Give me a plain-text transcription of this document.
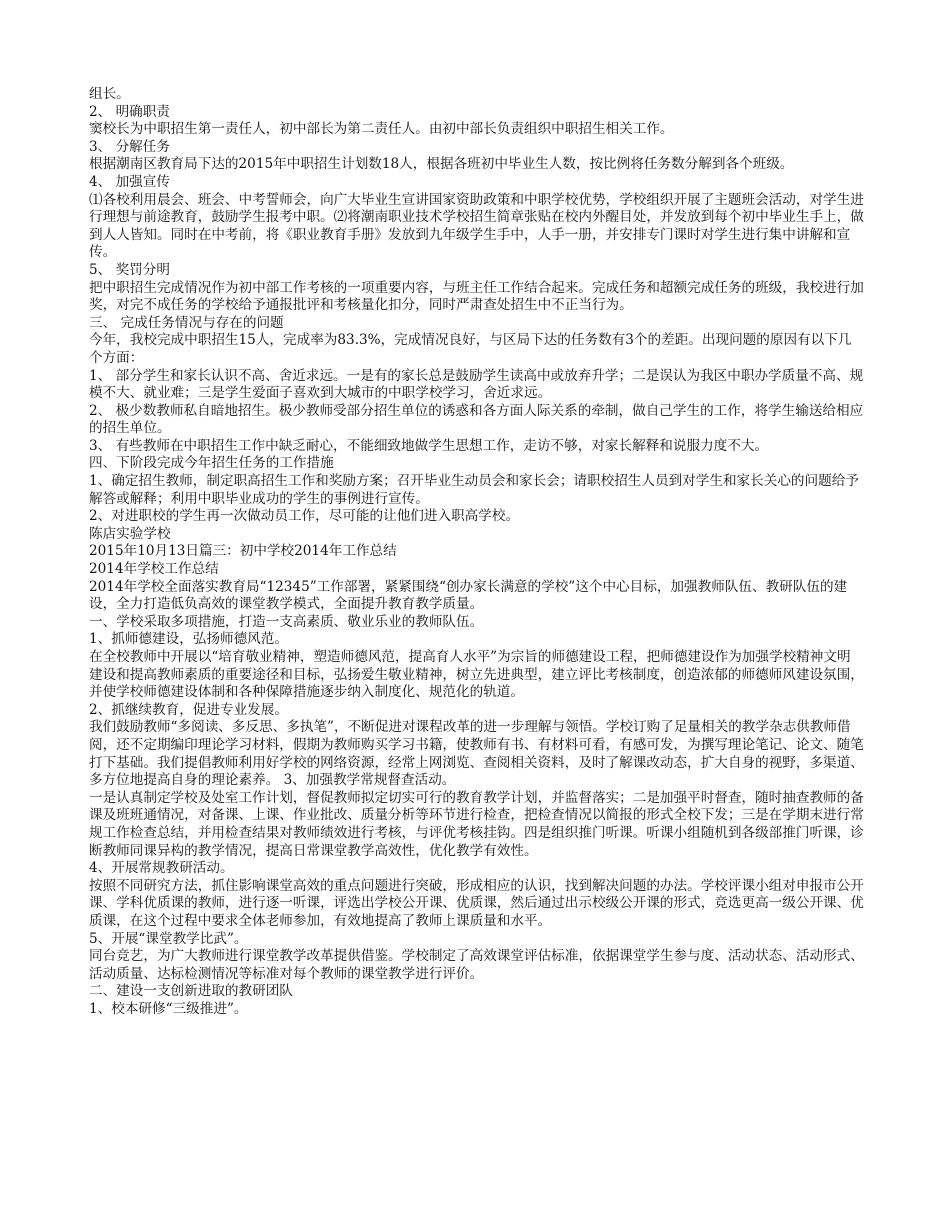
组长。

2、 明确职责

窦校长为中职招生第一责任人，初中部长为第二责任人。由初中部长负责组织中职招生相关工作。

3、 分解任务

根据潮南区教育局下达的2015年中职招生计划数18人，根据各班初中毕业生人数，按比例将任务数分解到各个班级。

4、 加强宣传

⑴各校利用晨会、班会、中考誓师会，向广大毕业生宣讲国家资助政策和中职学校优势，学校组织开展了主题班会活动，对学生进行理想与前途教育，鼓励学生报考中职。⑵将潮南职业技术学校招生简章张贴在校内外醒目处，并发放到每个初中毕业生手上，做到人人皆知。同时在中考前，将《职业教育手册》发放到九年级学生手中，人手一册，并安排专门课时对学生进行集中讲解和宣传。

5、 奖罚分明

把中职招生完成情况作为初中部工作考核的一项重要内容，与班主任工作结合起来。完成任务和超额完成任务的班级，我校进行加奖，对完不成任务的学校给予通报批评和考核量化扣分，同时严肃查处招生中不正当行为。

三、 完成任务情况与存在的问题

今年，我校完成中职招生15人，完成率为83.3%，完成情况良好，与区局下达的任务数有3个的差距。出现问题的原因有以下几个方面：

1、 部分学生和家长认识不高、舍近求远。一是有的家长总是鼓励学生读高中或放弃升学；二是误认为我区中职办学质量不高、规模不大、就业难；三是学生爱面子喜欢到大城市的中职学校学习，舍近求远。

2、 极少数教师私自暗地招生。极少教师受部分招生单位的诱惑和各方面人际关系的牵制，做自己学生的工作，将学生输送给相应的招生单位。

3、 有些教师在中职招生工作中缺乏耐心，不能细致地做学生思想工作，走访不够，对家长解释和说服力度不大。

四、下阶段完成今年招生任务的工作措施

1、确定招生教师，制定职高招生工作和奖励方案；召开毕业生动员会和家长会；请职校招生人员到对学生和家长关心的问题给予解答或解释；利用中职毕业成功的学生的事例进行宣传。

2、对进职校的学生再一次做动员工作，尽可能的让他们进入职高学校。

陈店实验学校

2015年10月13日篇三：初中学校2014年工作总结

2014年学校工作总结

2014年学校全面落实教育局“12345”工作部署，紧紧围绕“创办家长满意的学校”这个中心目标，加强教师队伍、教研队伍的建设，全力打造低负高效的课堂教学模式，全面提升教育教学质量。

一、学校采取多项措施，打造一支高素质、敬业乐业的教师队伍。

1、抓师德建设，弘扬师德风范。

在全校教师中开展以“培育敬业精神，塑造师德风范，提高育人水平”为宗旨的师德建设工程，把师德建设作为加强学校精神文明建设和提高教师素质的重要途径和目标，弘扬爱生敬业精神，树立先进典型，建立评比考核制度，创造浓郁的师德师风建设氛围，并使学校师德建设体制和各种保障措施逐步纳入制度化、规范化的轨道。

2、抓继续教育，促进专业发展。

我们鼓励教师“多阅读、多反思、多执笔”，不断促进对课程改革的进一步理解与领悟。学校订购了足量相关的教学杂志供教师借阅，还不定期编印理论学习材料，假期为教师购买学习书籍，使教师有书、有材料可看，有感可发，为撰写理论笔记、论文、随笔打下基础。我们提倡教师利用好学校的网络资源，经常上网浏览、查阅相关资料，及时了解课改动态，扩大自身的视野，多渠道、多方位地提高自身的理论素养。 3、加强教学常规督查活动。

一是认真制定学校及处室工作计划，督促教师拟定切实可行的教育教学计划，并监督落实；二是加强平时督查，随时抽查教师的备课及班班通情况，对备课、上课、作业批改、质量分析等环节进行检查，把检查情况以简报的形式全校下发；三是在学期末进行常规工作检查总结，并用检查结果对教师绩效进行考核，与评优考核挂钩。四是组织推门听课。听课小组随机到各级部推门听课，诊断教师同课异构的教学情况，提高日常课堂教学高效性，优化教学有效性。

4、开展常规教研活动。

按照不同研究方法，抓住影响课堂高效的重点问题进行突破，形成相应的认识，找到解决问题的办法。学校评课小组对申报市公开课、学科优质课的教师，进行逐一听课，评选出学校公开课、优质课，然后通过出示校级公开课的形式，竞选更高一级公开课、优质课，在这个过程中要求全体老师参加，有效地提高了教师上课质量和水平。

5、开展“课堂教学比武”。

同台竞艺，为广大教师进行课堂教学改革提供借鉴。学校制定了高效课堂评估标准，依据课堂学生参与度、活动状态、活动形式、活动质量、达标检测情况等标准对每个教师的课堂教学进行评价。

二、建设一支创新进取的教研团队

1、校本研修“三级推进”。
